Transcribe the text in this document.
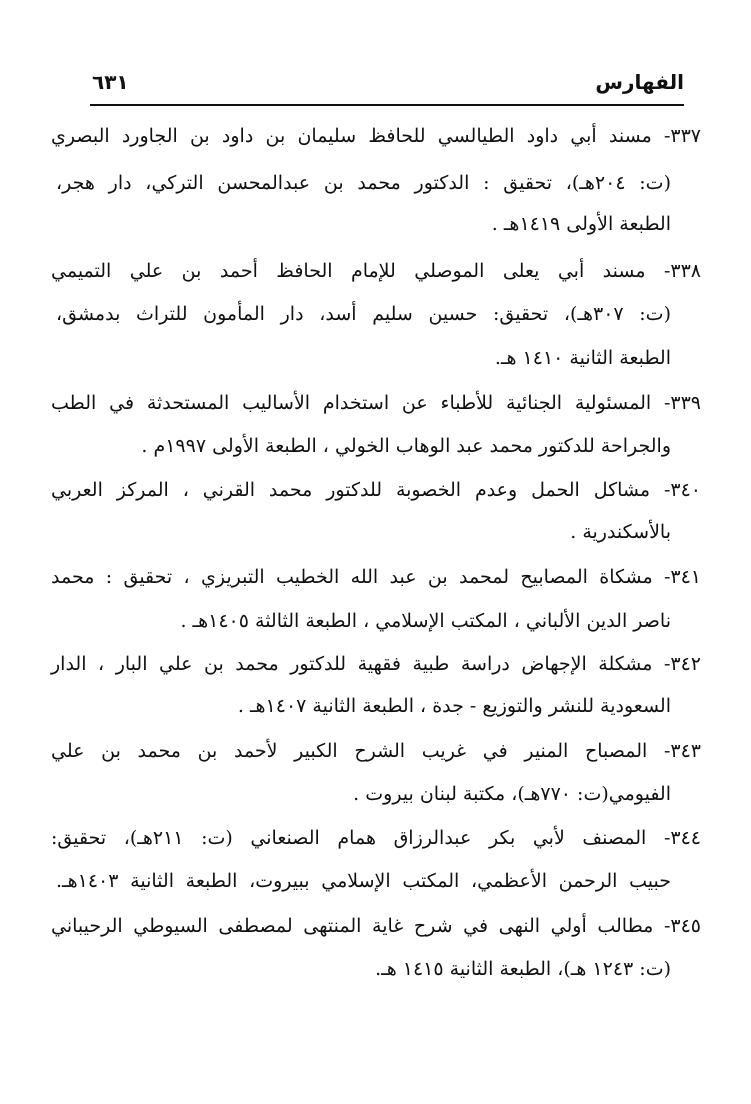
الفهارس
٦٣١
٣٣٧- مسند أبي داود الطيالسي للحافظ سليمان بن داود بن الجاورد البصري
(ت: ٢٠٤هـ)، تحقيق : الدكتور محمد بن عبدالمحسن التركي، دار هجر،
الطبعة الأولى ١٤١٩هـ .
٣٣٨- مسند أبي يعلى الموصلي للإمام الحافظ أحمد بن علي التميمي
(ت: ٣٠٧هـ)، تحقيق: حسين سليم أسد، دار المأمون للتراث بدمشق،
الطبعة الثانية ١٤١٠ هـ.
٣٣٩- المسئولية الجنائية للأطباء عن استخدام الأساليب المستحدثة في الطب
والجراحة للدكتور محمد عبد الوهاب الخولي ، الطبعة الأولى ١٩٩٧م .
٣٤٠- مشاكل الحمل وعدم الخصوبة للدكتور محمد القرني ، المركز العربي
بالأسكندرية .
٣٤١- مشكاة المصابيح لمحمد بن عبد الله الخطيب التبريزي ، تحقيق : محمد
ناصر الدين الألباني ، المكتب الإسلامي ، الطبعة الثالثة ١٤٠٥هـ .
٣٤٢- مشكلة الإجهاض دراسة طبية فقهية للدكتور محمد بن علي البار ، الدار
السعودية للنشر والتوزيع - جدة ، الطبعة الثانية ١٤٠٧هـ .
٣٤٣- المصباح المنير في غريب الشرح الكبير لأحمد بن محمد بن علي
الفيومي(ت: ٧٧٠هـ)، مكتبة لبنان بيروت .
٣٤٤- المصنف لأبي بكر عبدالرزاق همام الصنعاني (ت: ٢١١هـ)، تحقيق:
حبيب الرحمن الأعظمي، المكتب الإسلامي ببيروت، الطبعة الثانية ١٤٠٣هـ.
٣٤٥- مطالب أولي النهى في شرح غاية المنتهى لمصطفى السيوطي الرحيباني
(ت: ١٢٤٣ هـ)، الطبعة الثانية ١٤١٥ هـ.
